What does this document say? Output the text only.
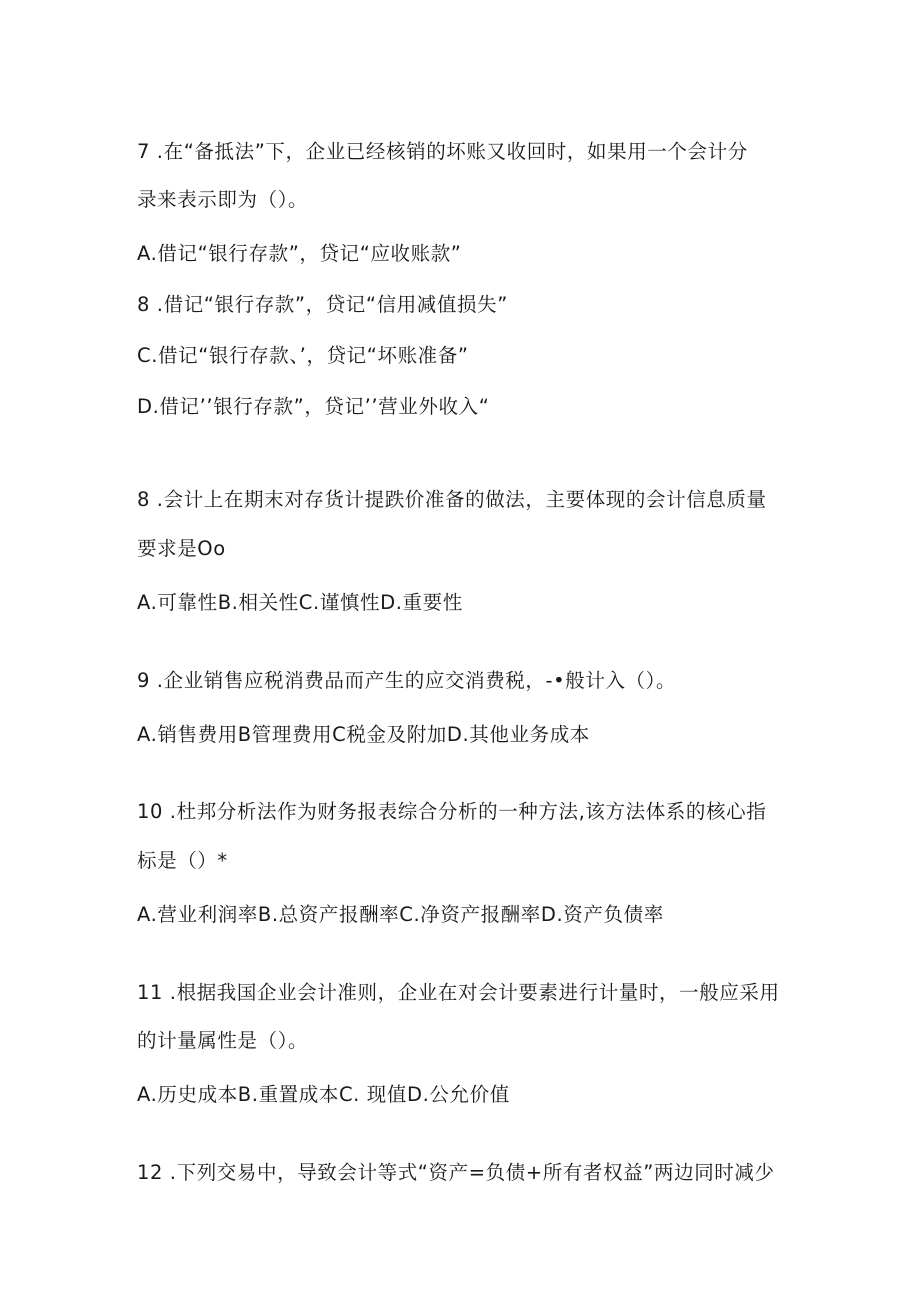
7 .在“备抵法”下，企业已经核销的坏账又收回时，如果用一个会计分
录来表示即为（）。
A.借记“银行存款”，贷记“应收账款”
8 .借记“银行存款”，贷记“信用减值损失”
C.借记“银行存款、’，贷记“坏账准备”
D.借记’’银行存款”，贷记’’营业外收入“
8 .会计上在期末对存货计提跌价准备的做法，主要体现的会计信息质量
要求是Oo
A.可靠性B.相关性C.谨慎性D.重要性
9 .企业销售应税消费品而产生的应交消费税，-•般计入（）。
A.销售费用B管理费用C税金及附加D.其他业务成本
10 .杜邦分析法作为财务报表综合分析的一种方法,该方法体系的核心指
标是（）*
A.营业利润率B.总资产报酬率C.净资产报酬率D.资产负债率
11 .根据我国企业会计准则，企业在对会计要素进行计量时，一般应采用
的计量属性是（）。
A.历史成本B.重置成本C. 现值D.公允价值
12 .下列交易中，导致会计等式“资产=负债+所有者权益”两边同时减少
